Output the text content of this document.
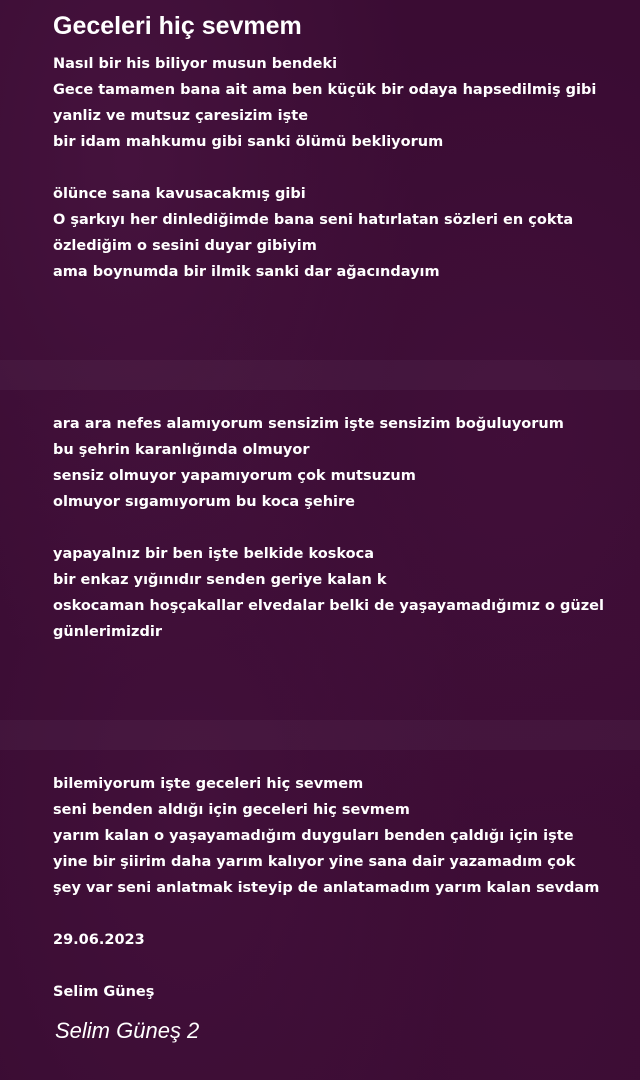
Geceleri hiç sevmem
Nasıl bir his biliyor musun bendeki
Gece tamamen bana ait ama ben küçük bir odaya hapsedilmiş gibi
yanliz ve mutsuz çaresizim işte
bir idam mahkumu gibi sanki ölümü bekliyorum
ölünce sana kavusacakmış gibi
O şarkıyı her dinlediğimde bana seni hatırlatan sözleri en çokta
özlediğim o sesini duyar gibiyim
ama boynumda bir ilmik sanki dar ağacındayım
ara ara nefes alamıyorum sensizim işte sensizim boğuluyorum
bu şehrin karanlığında olmuyor
sensiz olmuyor yapamıyorum çok mutsuzum
olmuyor sıgamıyorum bu koca şehire
yapayalnız bir ben işte belkide koskoca
bir enkaz yığınıdır senden geriye kalan k
oskocaman hoşçakallar elvedalar belki de yaşayamadığımız o güzel
günlerimizdir
bilemiyorum işte geceleri hiç sevmem
seni benden aldığı için geceleri hiç sevmem
yarım kalan o yaşayamadığım duyguları benden çaldığı için işte
yine bir şiirim daha yarım kalıyor yine sana dair yazamadım çok
şey var seni anlatmak isteyip de anlatamadım yarım kalan sevdam
29.06.2023
Selim Güneş
Selim Güneş 2
